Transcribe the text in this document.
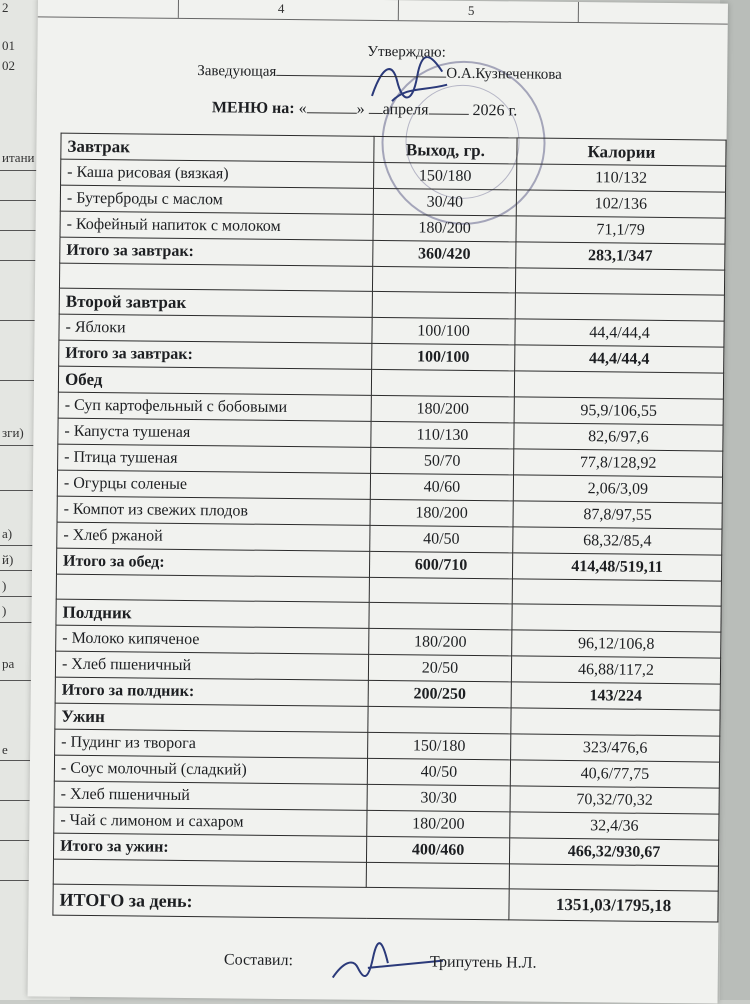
2
01
02
итани
зги)
а)
й)
)
)
ра
е
4	5
Утверждаю:
Заведующая	О.А.Кузнеченкова
МЕНЮ на: «	» апреля	2026 г.
Завтрак	Выход, гр.	Калории
- Каша рисовая (вязкая)	150/180	110/132
- Бутерброды с маслом	30/40	102/136
- Кофейный напиток с молоком	180/200	71,1/79
Итого за завтрак:	360/420	283,1/347

Второй завтрак		
- Яблоки	100/100	44,4/44,4
Итого за завтрак:	100/100	44,4/44,4
Обед		
- Суп картофельный с бобовыми	180/200	95,9/106,55
- Капуста тушеная	110/130	82,6/97,6
- Птица тушеная	50/70	77,8/128,92
- Огурцы соленые	40/60	2,06/3,09
- Компот из свежих плодов	180/200	87,8/97,55
- Хлеб ржаной	40/50	68,32/85,4
Итого за обед:	600/710	414,48/519,11

Полдник		
- Молоко кипяченое	180/200	96,12/106,8
- Хлеб пшеничный	20/50	46,88/117,2
Итого за полдник:	200/250	143/224
Ужин		
- Пудинг из творога	150/180	323/476,6
- Соус молочный (сладкий)	40/50	40,6/77,75
- Хлеб пшеничный	30/30	70,32/70,32
- Чай с лимоном и сахаром	180/200	32,4/36
Итого за ужин:	400/460	466,32/930,67

ИТОГО за день:		1351,03/1795,18
Составил:	Трипутень Н.Л.
